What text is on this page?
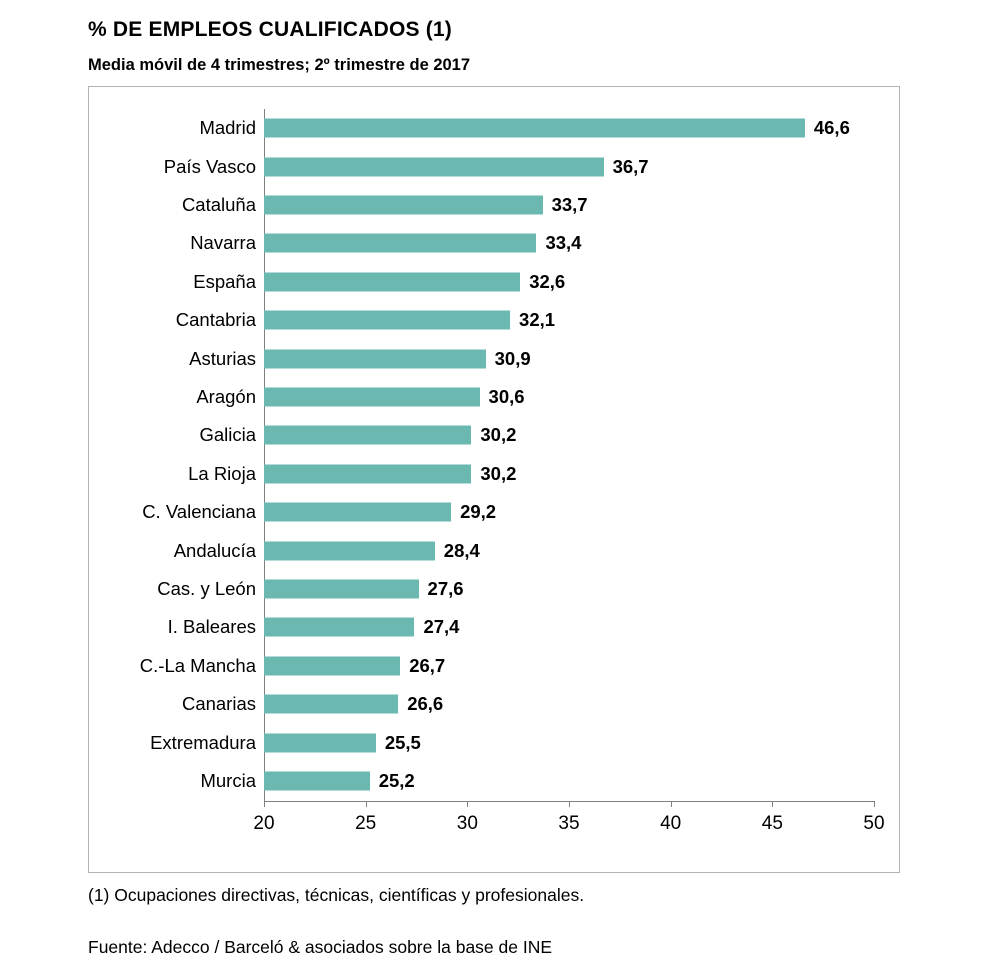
% DE EMPLEOS CUALIFICADOS (1)
Media móvil de 4 trimestres; 2º trimestre de 2017
Madrid	46,6
País Vasco	36,7
Cataluña	33,7
Navarra	33,4
España	32,6
Cantabria	32,1
Asturias	30,9
Aragón	30,6
Galicia	30,2
La Rioja	30,2
C. Valenciana	29,2
Andalucía	28,4
Cas. y León	27,6
I. Baleares	27,4
C.-La Mancha	26,7
Canarias	26,6
Extremadura	25,5
Murcia	25,2
20	25	30	35	40	45	50
(1) Ocupaciones directivas, técnicas, científicas y profesionales.
Fuente: Adecco / Barceló & asociados sobre la base de INE
